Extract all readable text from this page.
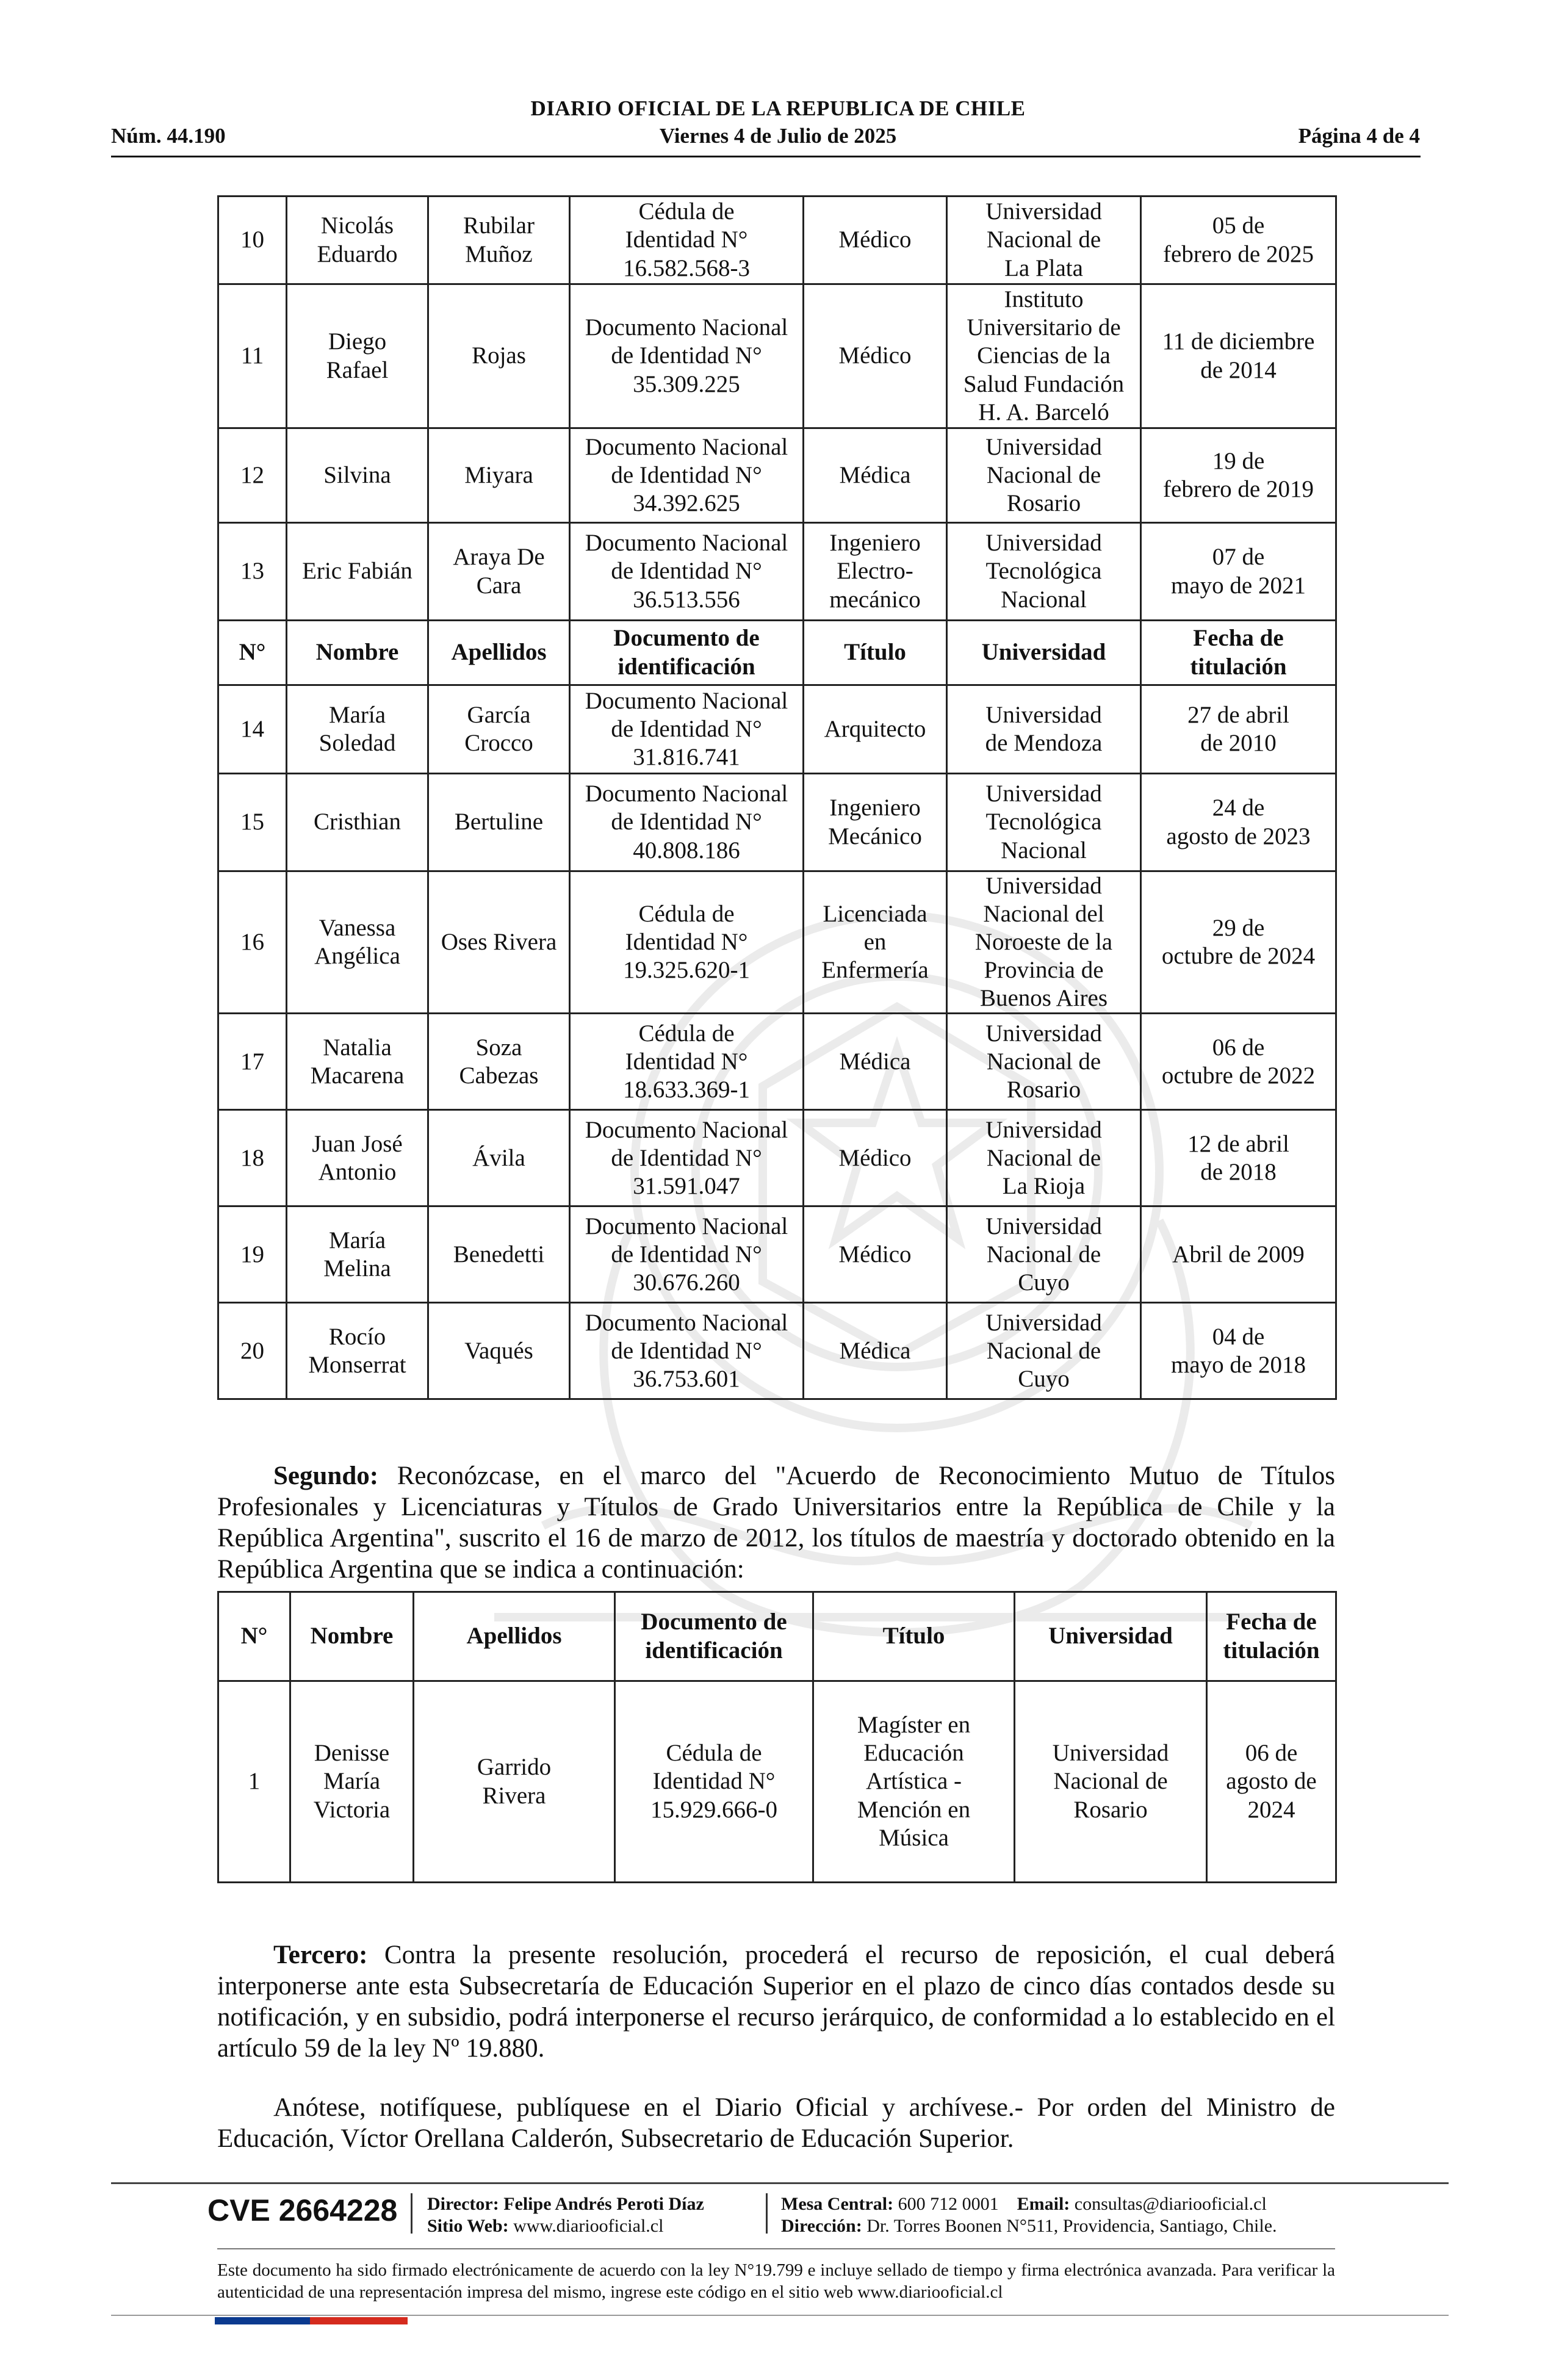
DIARIO OFICIAL DE LA REPUBLICA DE CHILE
Núm. 44.190	Viernes 4 de Julio de 2025	Página 4 de 4
10	Nicolás
Eduardo	Rubilar
Muñoz	Cédula de
Identidad N°
16.582.568-3	Médico	Universidad
Nacional de
La Plata	05 de
febrero de 2025

11	Diego
Rafael	Rojas	Documento Nacional
de Identidad N°
35.309.225	Médico	Instituto
Universitario de
Ciencias de la
Salud Fundación
H. A. Barceló	11 de diciembre
de 2014

12	Silvina	Miyara	Documento Nacional
de Identidad N°
34.392.625	Médica	Universidad
Nacional de
Rosario	19 de
febrero de 2019

13	Eric Fabián	Araya De
Cara	Documento Nacional
de Identidad N°
36.513.556	Ingeniero
Electro-
mecánico	Universidad
Tecnológica
Nacional	07 de
mayo de 2021

N°	Nombre	Apellidos	Documento de
identificación	Título	Universidad	Fecha de
titulación

14	María
Soledad	García
Crocco	Documento Nacional
de Identidad N°
31.816.741	Arquitecto	Universidad
de Mendoza	27 de abril
de 2010

15	Cristhian	Bertuline	Documento Nacional
de Identidad N°
40.808.186	Ingeniero
Mecánico	Universidad
Tecnológica
Nacional	24 de
agosto de 2023

16	Vanessa
Angélica	Oses Rivera	Cédula de
Identidad N°
19.325.620-1	Licenciada
en
Enfermería	Universidad
Nacional del
Noroeste de la
Provincia de
Buenos Aires	29 de
octubre de 2024

17	Natalia
Macarena	Soza
Cabezas	Cédula de
Identidad N°
18.633.369-1	Médica	Universidad
Nacional de
Rosario	06 de
octubre de 2022

18	Juan José
Antonio	Ávila	Documento Nacional
de Identidad N°
31.591.047	Médico	Universidad
Nacional de
La Rioja	12 de abril
de 2018

19	María
Melina	Benedetti	Documento Nacional
de Identidad N°
30.676.260	Médico	Universidad
Nacional de
Cuyo	Abril de 2009

20	Rocío
Monserrat	Vaqués	Documento Nacional
de Identidad N°
36.753.601	Médica	Universidad
Nacional de
Cuyo	04 de
mayo de 2018

Segundo: Reconózcase, en el marco del "Acuerdo de Reconocimiento Mutuo de Títulos Profesionales y Licenciaturas y Títulos de Grado Universitarios entre la República de Chile y la República Argentina", suscrito el 16 de marzo de 2012, los títulos de maestría y doctorado obtenido en la República Argentina que se indica a continuación:

N°	Nombre	Apellidos	Documento de
identificación	Título	Universidad	Fecha de
titulación

1	Denisse
María
Victoria	Garrido
Rivera	Cédula de
Identidad N°
15.929.666-0	Magíster en
Educación
Artística -
Mención en
Música	Universidad
Nacional de
Rosario	06 de
agosto de
2024

Tercero: Contra la presente resolución, procederá el recurso de reposición, el cual deberá interponerse ante esta Subsecretaría de Educación Superior en el plazo de cinco días contados desde su notificación, y en subsidio, podrá interponerse el recurso jerárquico, de conformidad a lo establecido en el artículo 59 de la ley Nº 19.880.

Anótese, notifíquese, publíquese en el Diario Oficial y archívese.- Por orden del Ministro de Educación, Víctor Orellana Calderón, Subsecretario de Educación Superior.

CVE 2664228 Director: Felipe Andrés Peroti Díaz
Sitio Web: www.diariooficial.cl
Mesa Central: 600 712 0001 Email: consultas@diariooficial.cl
Dirección: Dr. Torres Boonen N°511, Providencia, Santiago, Chile.
Este documento ha sido firmado electrónicamente de acuerdo con la ley N°19.799 e incluye sellado de tiempo y firma electrónica avanzada. Para verificar la autenticidad de una representación impresa del mismo, ingrese este código en el sitio web www.diariooficial.cl
